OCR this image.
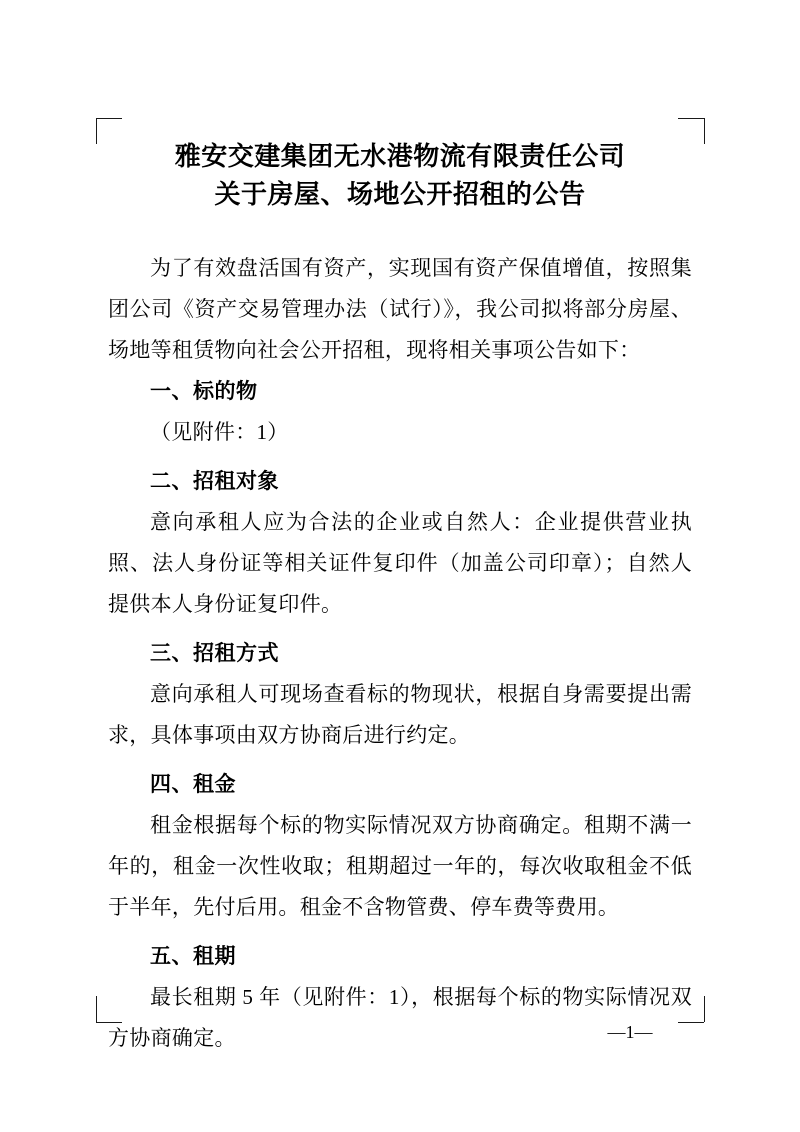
雅安交建集团无水港物流有限责任公司
关于房屋、场地公开招租的公告

为了有效盘活国有资产，实现国有资产保值增值，按照集团公司《资产交易管理办法（试行）》，我公司拟将部分房屋、场地等租赁物向社会公开招租，现将相关事项公告如下：

一、标的物

（见附件：1）

二、招租对象

意向承租人应为合法的企业或自然人：企业提供营业执照、法人身份证等相关证件复印件（加盖公司印章）；自然人提供本人身份证复印件。

三、招租方式

意向承租人可现场查看标的物现状，根据自身需要提出需求，具体事项由双方协商后进行约定。

四、租金

租金根据每个标的物实际情况双方协商确定。租期不满一年的，租金一次性收取；租期超过一年的，每次收取租金不低于半年，先付后用。租金不含物管费、停车费等费用。

五、租期

最长租期 5 年（见附件：1），根据每个标的物实际情况双方协商确定。	—1—
